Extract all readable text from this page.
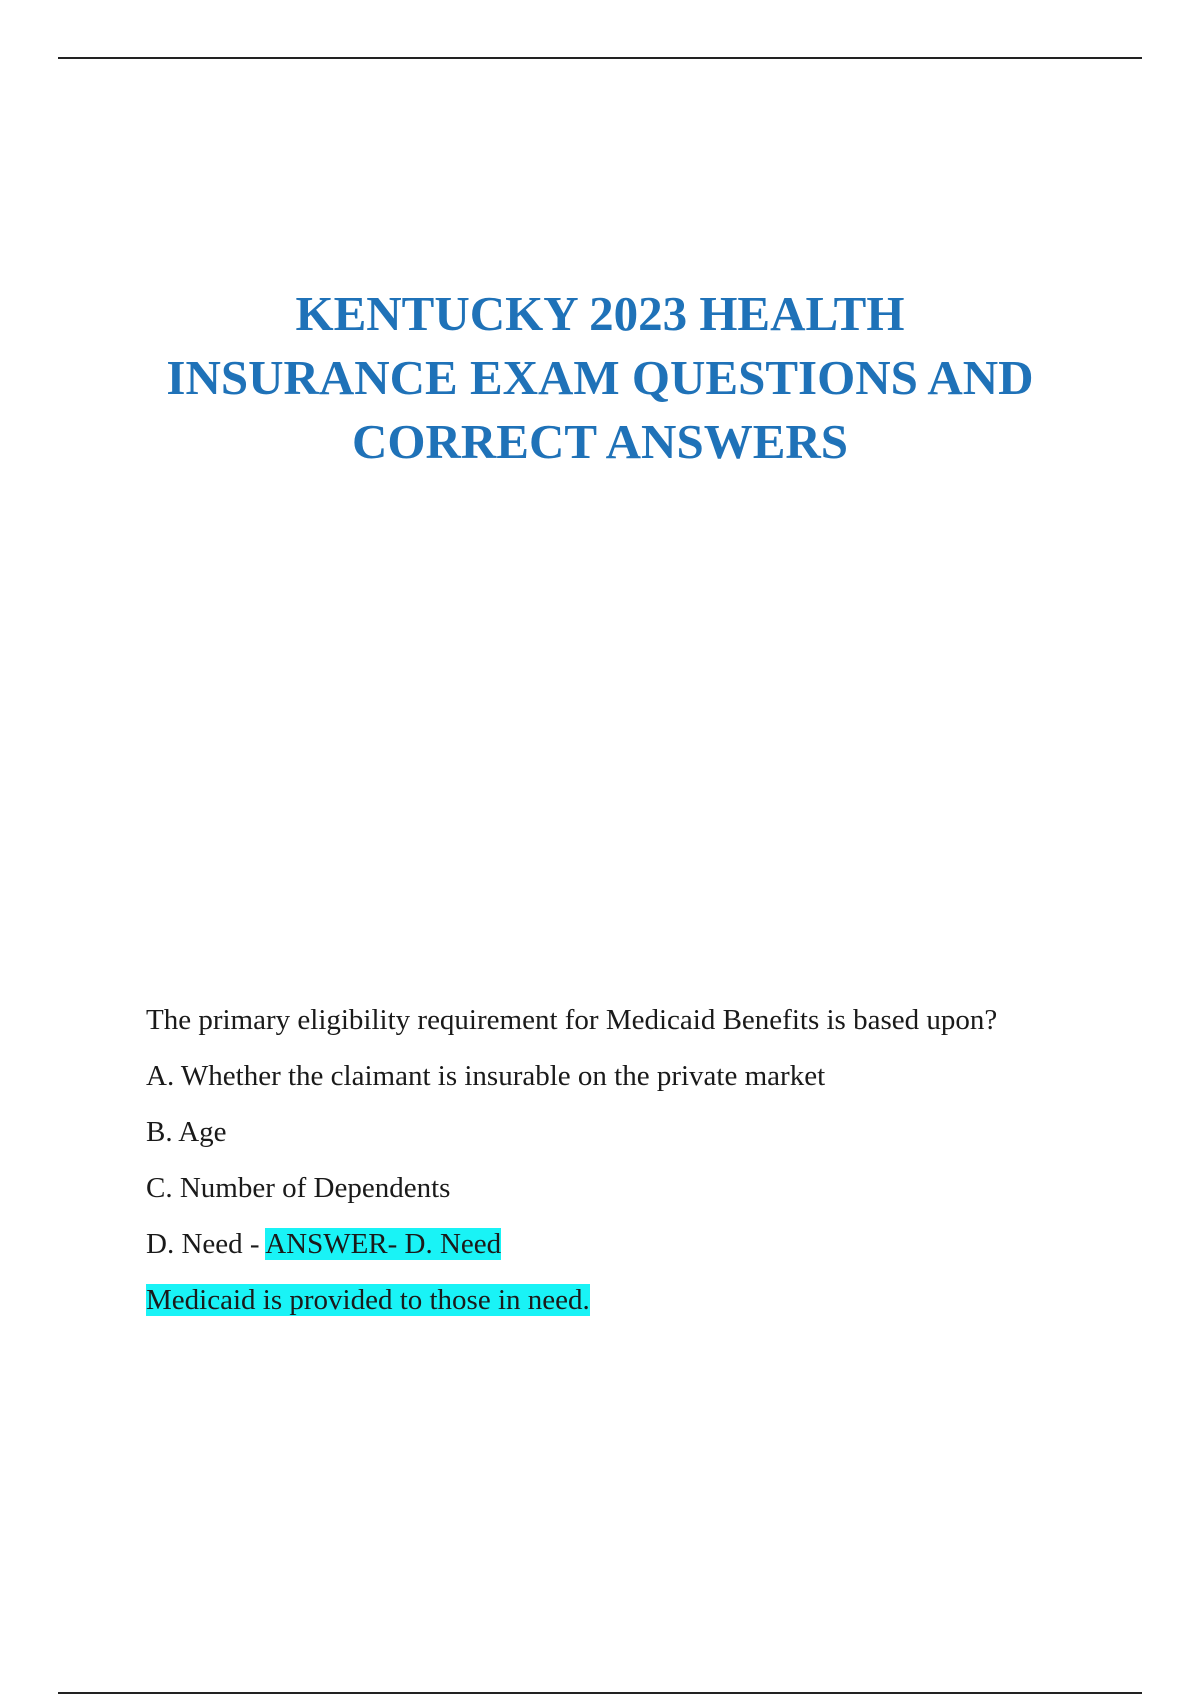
KENTUCKY 2023 HEALTH
INSURANCE EXAM QUESTIONS AND
CORRECT ANSWERS

The primary eligibility requirement for Medicaid Benefits is based upon?

A. Whether the claimant is insurable on the private market

B. Age

C. Number of Dependents

D. Need - ANSWER- D. Need

Medicaid is provided to those in need.
